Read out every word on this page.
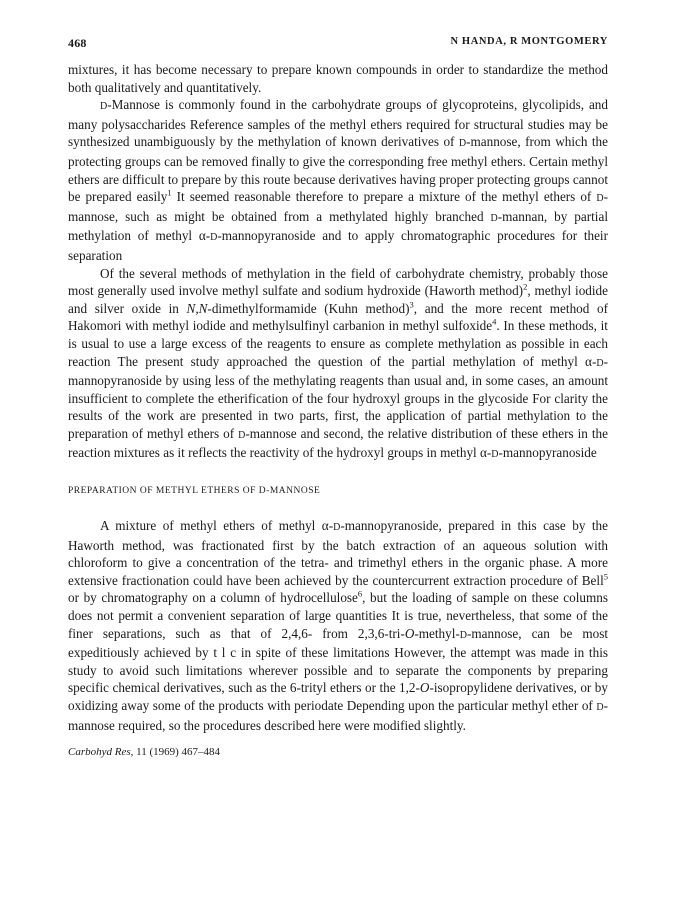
468	N HANDA, R MONTGOMERY

mixtures, it has become necessary to prepare known compounds in order to standardize the method both qualitatively and quantitatively.

D-Mannose is commonly found in the carbohydrate groups of glycoproteins, glycolipids, and many polysaccharides Reference samples of the methyl ethers required for structural studies may be synthesized unambiguously by the methylation of known derivatives of D-mannose, from which the protecting groups can be removed finally to give the corresponding free methyl ethers. Certain methyl ethers are difficult to prepare by this route because derivatives having proper protecting groups cannot be prepared easily$^1$ It seemed reasonable therefore to prepare a mixture of the methyl ethers of D-mannose, such as might be obtained from a methylated highly branched D-mannan, by partial methylation of methyl α-D-mannopyranoside and to apply chromatographic procedures for their separation

Of the several methods of methylation in the field of carbohydrate chemistry, probably those most generally used involve methyl sulfate and sodium hydroxide (Haworth method)$^2$, methyl iodide and silver oxide in N,N-dimethylformamide (Kuhn method)$^3$, and the more recent method of Hakomori with methyl iodide and methylsulfinyl carbanion in methyl sulfoxide$^4$. In these methods, it is usual to use a large excess of the reagents to ensure as complete methylation as possible in each reaction The present study approached the question of the partial methylation of methyl α-D-mannopyranoside by using less of the methylating reagents than usual and, in some cases, an amount insufficient to complete the etherification of the four hydroxyl groups in the glycoside For clarity the results of the work are presented in two parts, first, the application of partial methylation to the preparation of methyl ethers of D-mannose and second, the relative distribution of these ethers in the reaction mixtures as it reflects the reactivity of the hydroxyl groups in methyl α-D-mannopyranoside

PREPARATION OF METHYL ETHERS OF D-MANNOSE

A mixture of methyl ethers of methyl α-D-mannopyranoside, prepared in this case by the Haworth method, was fractionated first by the batch extraction of an aqueous solution with chloroform to give a concentration of the tetra- and trimethyl ethers in the organic phase. A more extensive fractionation could have been achieved by the countercurrent extraction procedure of Bell$^5$ or by chromatography on a column of hydrocellulose$^6$, but the loading of sample on these columns does not permit a convenient separation of large quantities It is true, nevertheless, that some of the finer separations, such as that of 2,4,6- from 2,3,6-tri-O-methyl-D-mannose, can be most expeditiously achieved by t l c in spite of these limitations However, the attempt was made in this study to avoid such limitations wherever possible and to separate the components by preparing specific chemical derivatives, such as the 6-trityl ethers or the 1,2-O-isopropylidene derivatives, or by oxidizing away some of the products with periodate Depending upon the particular methyl ether of D-mannose required, so the procedures described here were modified slightly.

Carbohyd Res, 11 (1969) 467–484
